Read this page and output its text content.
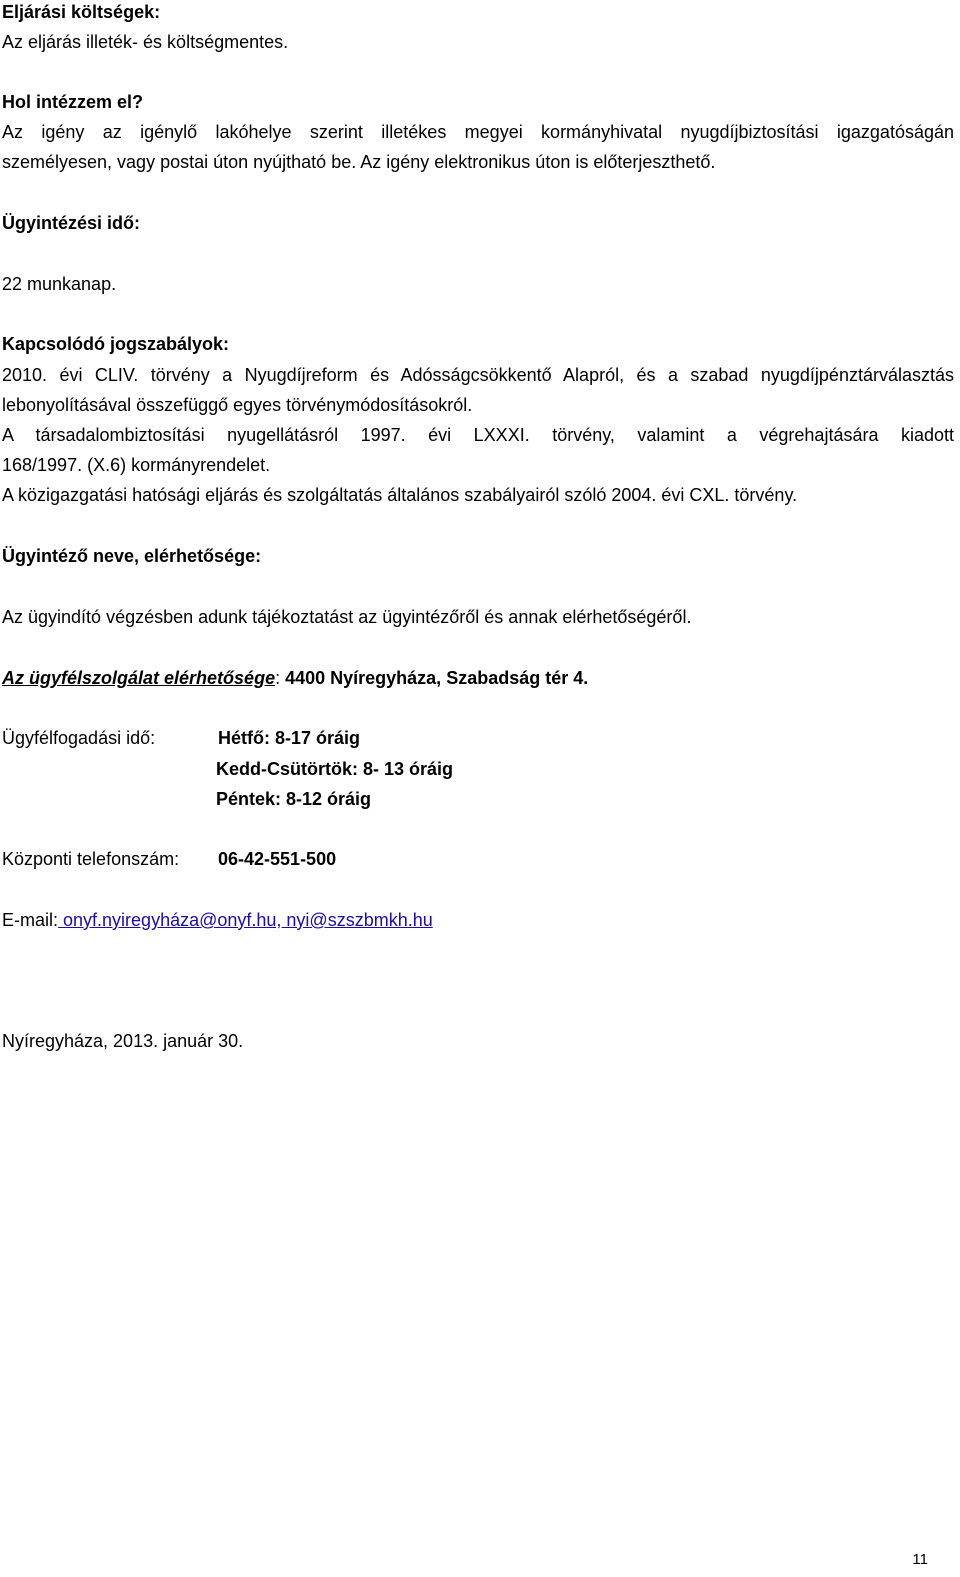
Eljárási költségek:
Az eljárás illeték- és költségmentes.
Hol intézzem el?
Az igény az igénylő lakóhelye szerint illetékes megyei kormányhivatal nyugdíjbiztosítási igazgatóságán
személyesen, vagy postai úton nyújtható be. Az igény elektronikus úton is előterjeszthető.
Ügyintézési idő:
22 munkanap.
Kapcsolódó jogszabályok:
2010. évi CLIV. törvény a Nyugdíjreform és Adósságcsökkentő Alapról, és a szabad nyugdíjpénztárválasztás
lebonyolításával összefüggő egyes törvénymódosításokról.
A társadalombiztosítási nyugellátásról 1997. évi LXXXI. törvény, valamint a végrehajtására kiadott
168/1997. (X.6) kormányrendelet.
A közigazgatási hatósági eljárás és szolgáltatás általános szabályairól szóló 2004. évi CXL. törvény.
Ügyintéző neve, elérhetősége:
Az ügyindító végzésben adunk tájékoztatást az ügyintézőről és annak elérhetőségéről.
Az ügyfélszolgálat elérhetősége: 4400 Nyíregyháza, Szabadság tér 4.
Ügyfélfogadási idő:	Hétfő: 8-17 óráig
Kedd-Csütörtök: 8- 13 óráig
Péntek: 8-12 óráig
Központi telefonszám: 06-42-551-500
E-mail: onyf.nyiregyháza@onyf.hu, nyi@szszbmkh.hu
Nyíregyháza, 2013. január 30.
11
